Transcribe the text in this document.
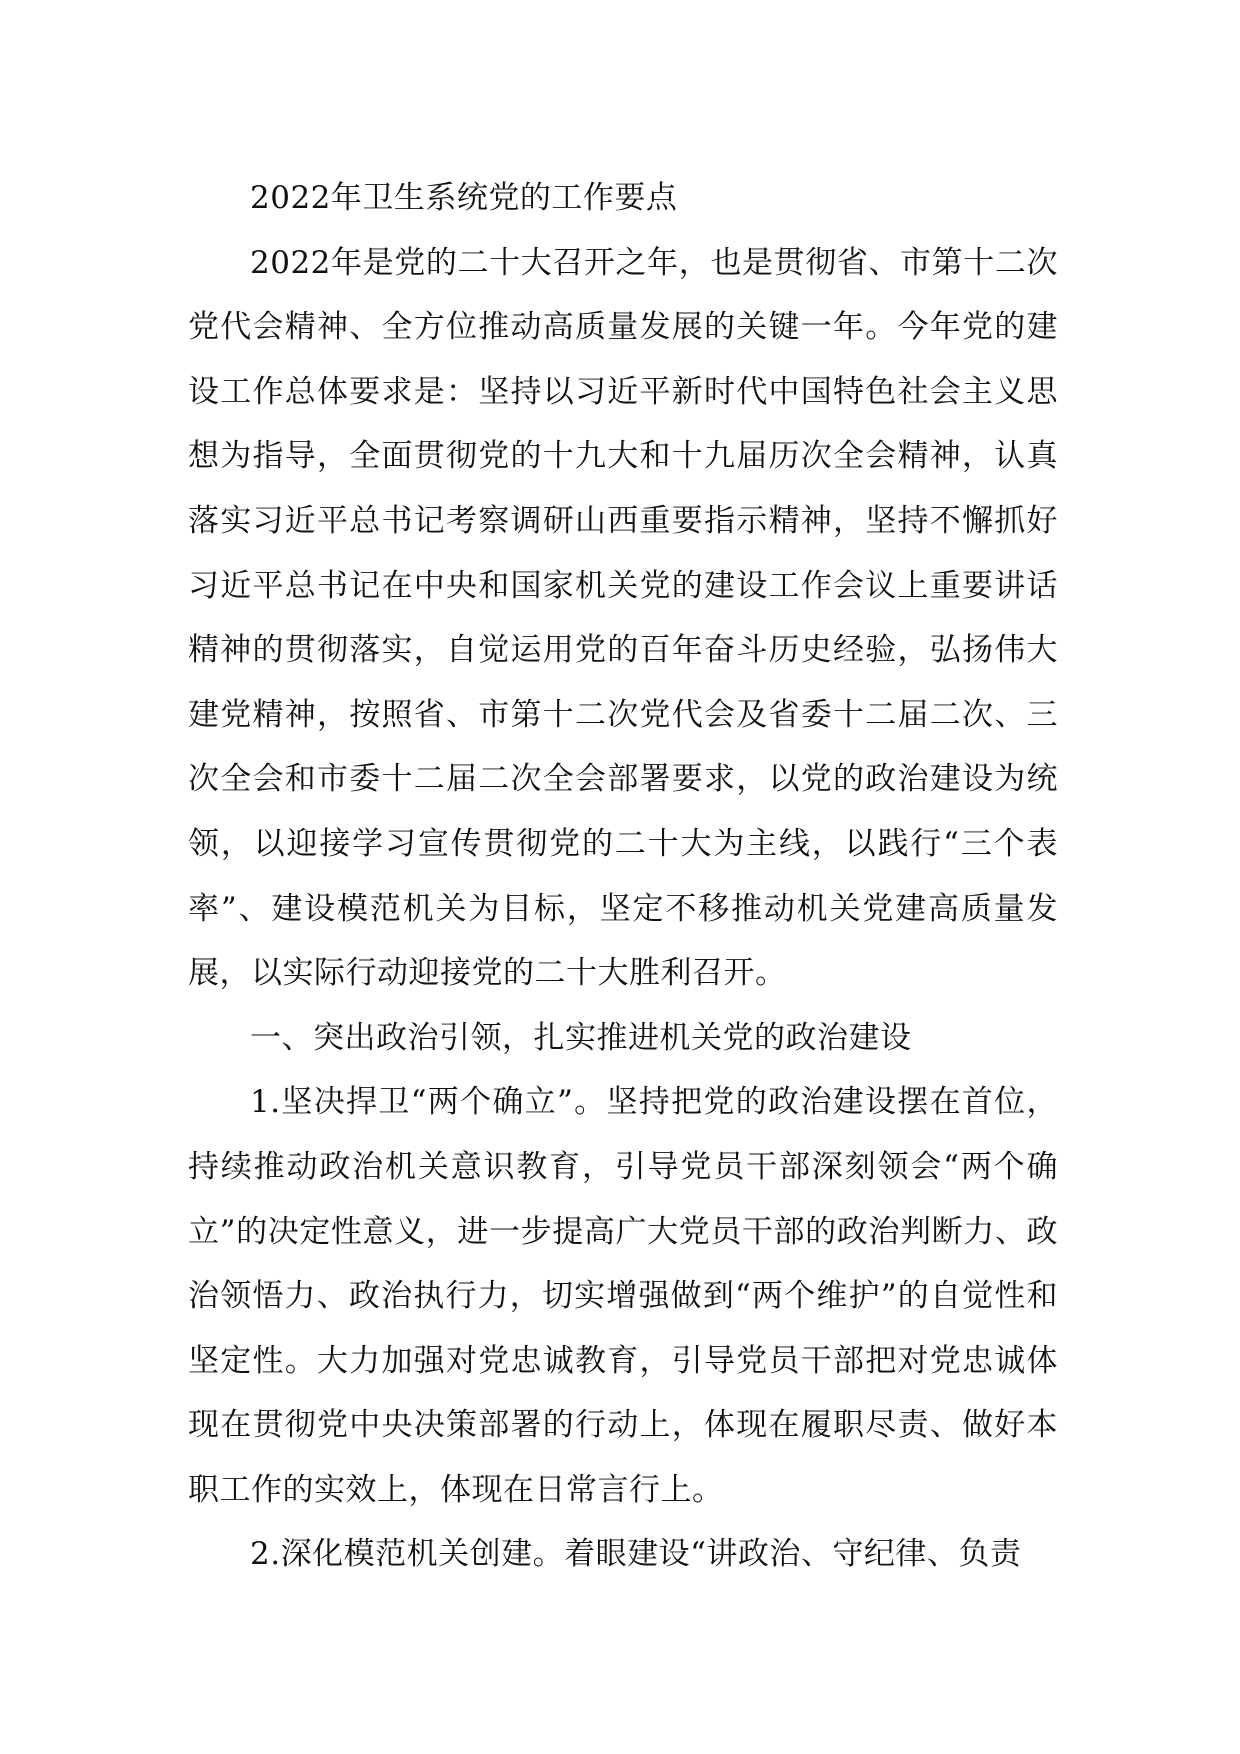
2022年卫生系统党的工作要点

2022年是党的二十大召开之年，也是贯彻省、市第十二次党代会精神、全方位推动高质量发展的关键一年。今年党的建设工作总体要求是：坚持以习近平新时代中国特色社会主义思想为指导，全面贯彻党的十九大和十九届历次全会精神，认真落实习近平总书记考察调研山西重要指示精神，坚持不懈抓好习近平总书记在中央和国家机关党的建设工作会议上重要讲话精神的贯彻落实，自觉运用党的百年奋斗历史经验，弘扬伟大建党精神，按照省、市第十二次党代会及省委十二届二次、三次全会和市委十二届二次全会部署要求，以党的政治建设为统领，以迎接学习宣传贯彻党的二十大为主线，以践行“三个表率”、建设模范机关为目标，坚定不移推动机关党建高质量发展，以实际行动迎接党的二十大胜利召开。

一、突出政治引领，扎实推进机关党的政治建设

1.坚决捍卫“两个确立”。坚持把党的政治建设摆在首位，持续推动政治机关意识教育，引导党员干部深刻领会“两个确立”的决定性意义，进一步提高广大党员干部的政治判断力、政治领悟力、政治执行力，切实增强做到“两个维护”的自觉性和坚定性。大力加强对党忠诚教育，引导党员干部把对党忠诚体现在贯彻党中央决策部署的行动上，体现在履职尽责、做好本职工作的实效上，体现在日常言行上。

2.深化模范机关创建。着眼建设“讲政治、守纪律、负责
